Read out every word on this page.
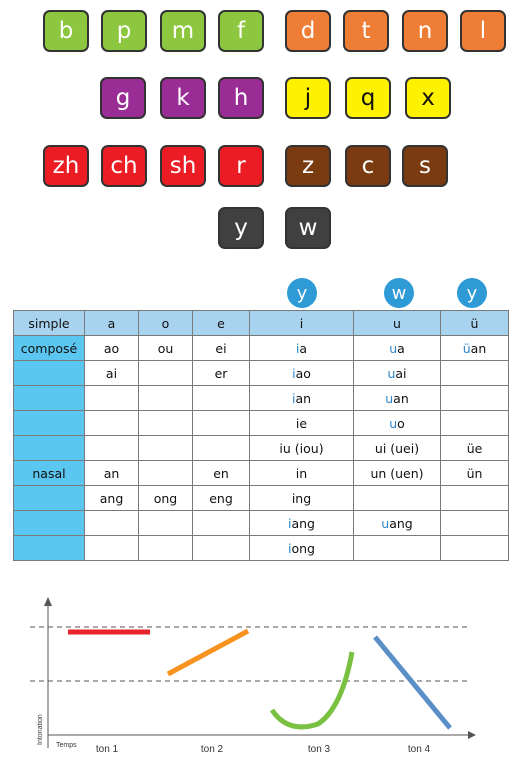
b	p	m	f	d	t	n	l
g	k	h	j	q	x
zh	ch	sh	r	z	c	s
y	w
y	w	y
simple	a	o	e	i	u	ü
composé	ao	ou	ei	ia	ua	üan
	ai		er	iao	uai	
				ian	uan	
				ie	uo	
				iu (iou)	ui (uei)	üe
nasal	an		en	in	un (uen)	ün
	ang	ong	eng	ing		
				iang	uang	
				iong		
Intonation
Temps ton 1	ton 2	ton 3	ton 4
